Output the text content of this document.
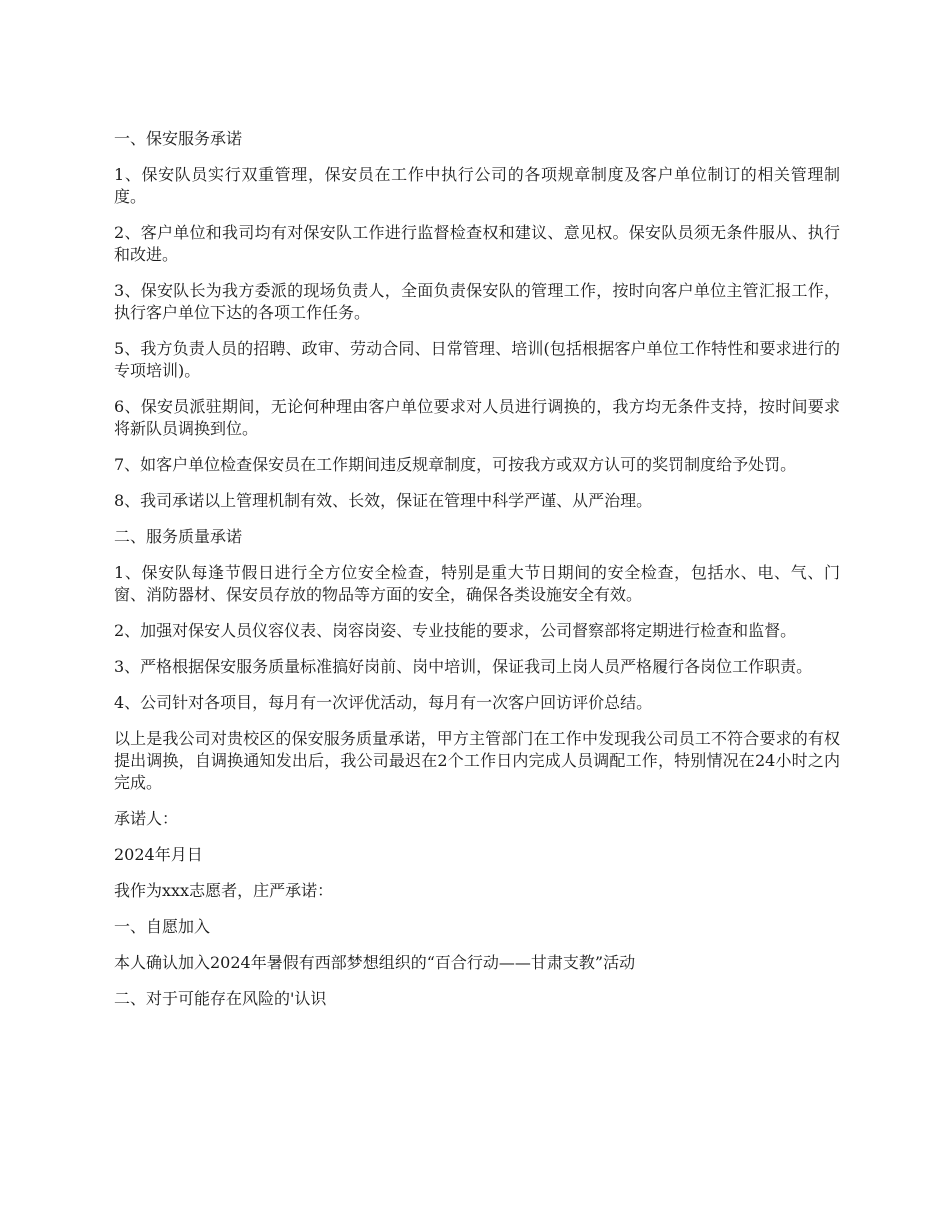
一、保安服务承诺

1、保安队员实行双重管理，保安员在工作中执行公司的各项规章制度及客户单位制订的相关管理制度。

2、客户单位和我司均有对保安队工作进行监督检查权和建议、意见权。保安队员须无条件服从、执行和改进。

3、保安队长为我方委派的现场负责人，全面负责保安队的管理工作，按时向客户单位主管汇报工作，执行客户单位下达的各项工作任务。

5、我方负责人员的招聘、政审、劳动合同、日常管理、培训(包括根据客户单位工作特性和要求进行的专项培训)。

6、保安员派驻期间，无论何种理由客户单位要求对人员进行调换的，我方均无条件支持，按时间要求将新队员调换到位。

7、如客户单位检查保安员在工作期间违反规章制度，可按我方或双方认可的奖罚制度给予处罚。

8、我司承诺以上管理机制有效、长效，保证在管理中科学严谨、从严治理。

二、服务质量承诺

1、保安队每逢节假日进行全方位安全检查，特别是重大节日期间的安全检查，包括水、电、气、门窗、消防器材、保安员存放的物品等方面的安全，确保各类设施安全有效。

2、加强对保安人员仪容仪表、岗容岗姿、专业技能的要求，公司督察部将定期进行检查和监督。

3、严格根据保安服务质量标准搞好岗前、岗中培训，保证我司上岗人员严格履行各岗位工作职责。

4、公司针对各项目，每月有一次评优活动，每月有一次客户回访评价总结。

以上是我公司对贵校区的保安服务质量承诺，甲方主管部门在工作中发现我公司员工不符合要求的有权提出调换，自调换通知发出后，我公司最迟在2个工作日内完成人员调配工作，特别情况在24小时之内完成。

承诺人：

2024年月日

我作为xxx志愿者，庄严承诺：

一、自愿加入

本人确认加入2024年暑假有西部梦想组织的“百合行动——甘肃支教”活动

二、对于可能存在风险的'认识
